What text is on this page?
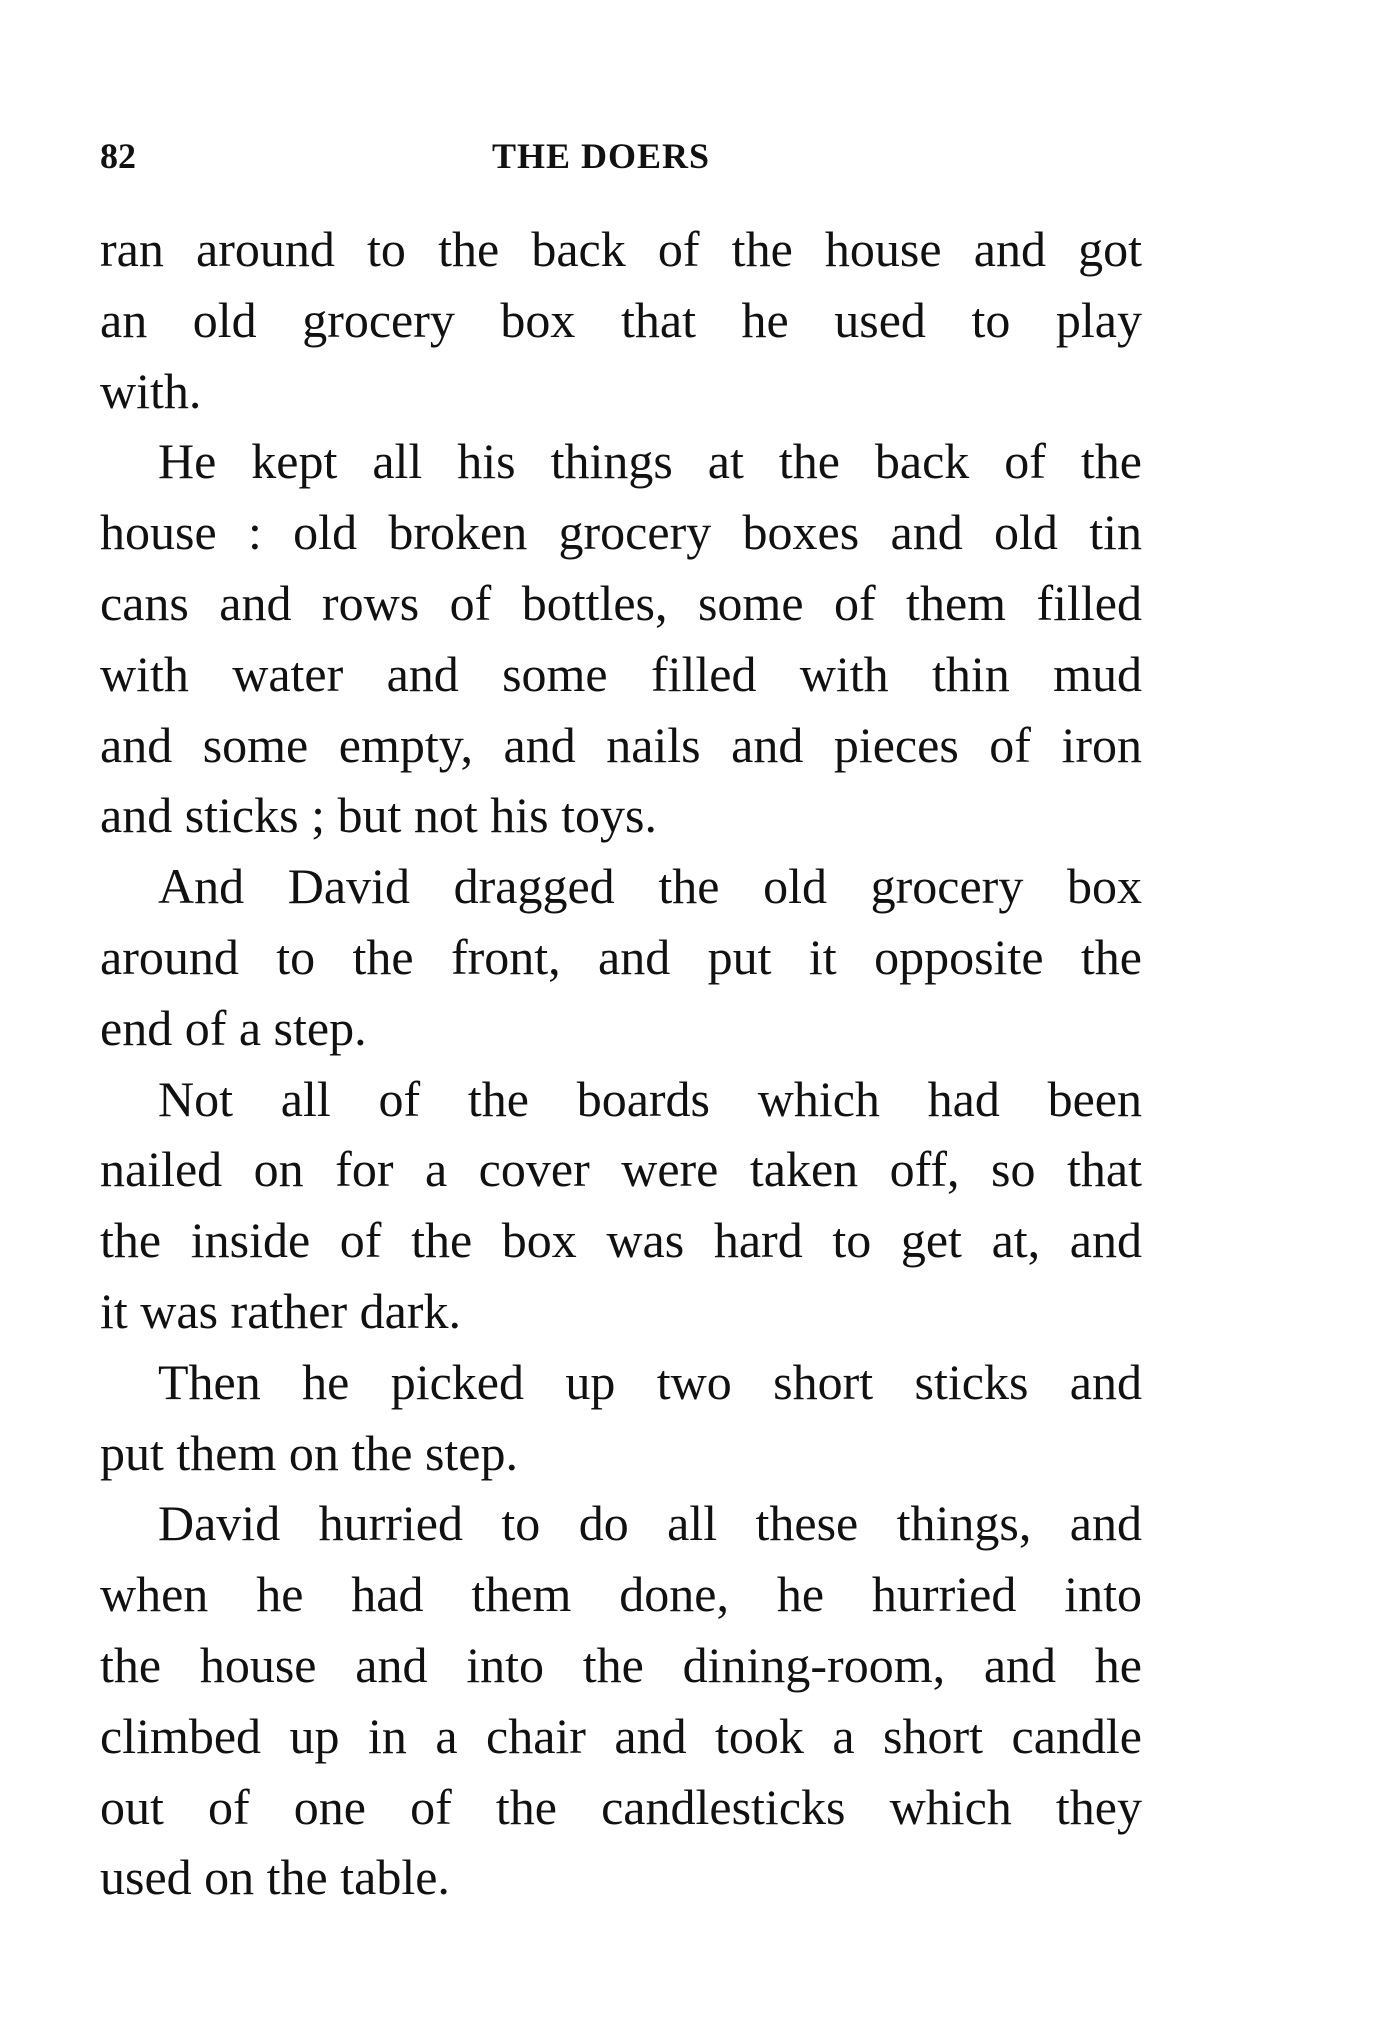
82	THE DOERS

ran around to the back of the house and got
an old grocery box that he used to play
with.

He kept all his things at the back of the
house : old broken grocery boxes and old tin
cans and rows of bottles, some of them filled
with water and some filled with thin mud
and some empty, and nails and pieces of iron
and sticks ; but not his toys.

And David dragged the old grocery box
around to the front, and put it opposite the
end of a step.

Not all of the boards which had been
nailed on for a cover were taken off, so that
the inside of the box was hard to get at, and
it was rather dark.

Then he picked up two short sticks and
put them on the step.

David hurried to do all these things, and
when he had them done, he hurried into
the house and into the dining-room, and he
climbed up in a chair and took a short candle
out of one of the candlesticks which they
used on the table.
